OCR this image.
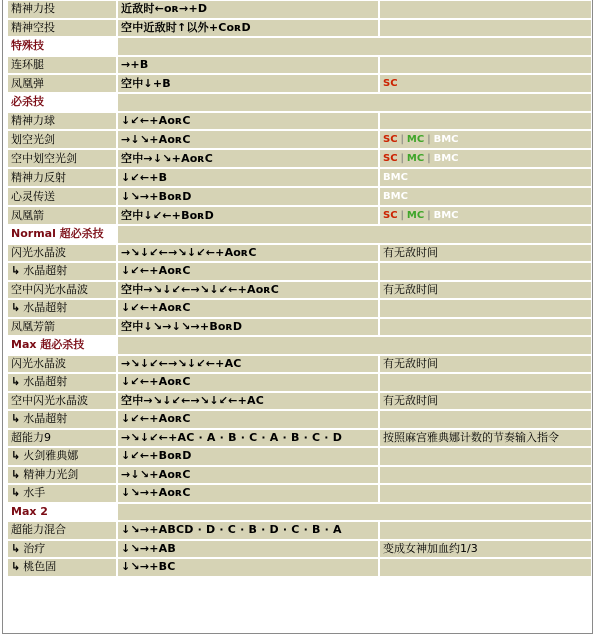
精神力投	近敌时←ᴏʀ→+D	
精神空投	空中近敌时↑以外+CᴏʀD	
特殊技		
连环腿	→+B	
凤凰弹	空中↓+B	SC
必杀技		
精神力球	↓↙←+AᴏʀC	
划空光剑	→↓↘+AᴏʀC	SC | MC | BMC
空中划空光剑	空中→↓↘+AᴏʀC	SC | MC | BMC
精神力反射	↓↙←+B	BMC
心灵传送	↓↘→+BᴏʀD	BMC
凤凰箭	空中↓↙←+BᴏʀD	SC | MC | BMC
Normal 超必杀技		
闪光水晶波	→↘↓↙←→↘↓↙←+AᴏʀC	有无敌时间
↳ 水晶超射	↓↙←+AᴏʀC	
空中闪光水晶波	空中→↘↓↙←→↘↓↙←+AᴏʀC	有无敌时间
↳ 水晶超射	↓↙←+AᴏʀC	
凤凰芳箭	空中↓↘→↓↘→+BᴏʀD	
Max 超必杀技		
闪光水晶波	→↘↓↙←→↘↓↙←+AC	有无敌时间
↳ 水晶超射	↓↙←+AᴏʀC	
空中闪光水晶波	空中→↘↓↙←→↘↓↙←+AC	有无敌时间
↳ 水晶超射	↓↙←+AᴏʀC	
超能力9	→↘↓↙←+AC · A · B · C · A · B · C · D	按照麻宫雅典娜计数的节奏输入指令
↳ 火剑雅典娜	↓↙←+BᴏʀD	
↳ 精神力光剑	→↓↘+AᴏʀC	
↳ 水手	↓↘→+AᴏʀC	
Max 2		
超能力混合	↓↘→+ABCD · D · C · B · D · C · B · A	
↳ 治疗	↓↘→+AB	变成女神加血约1/3
↳ 桃色固	↓↘→+BC	
